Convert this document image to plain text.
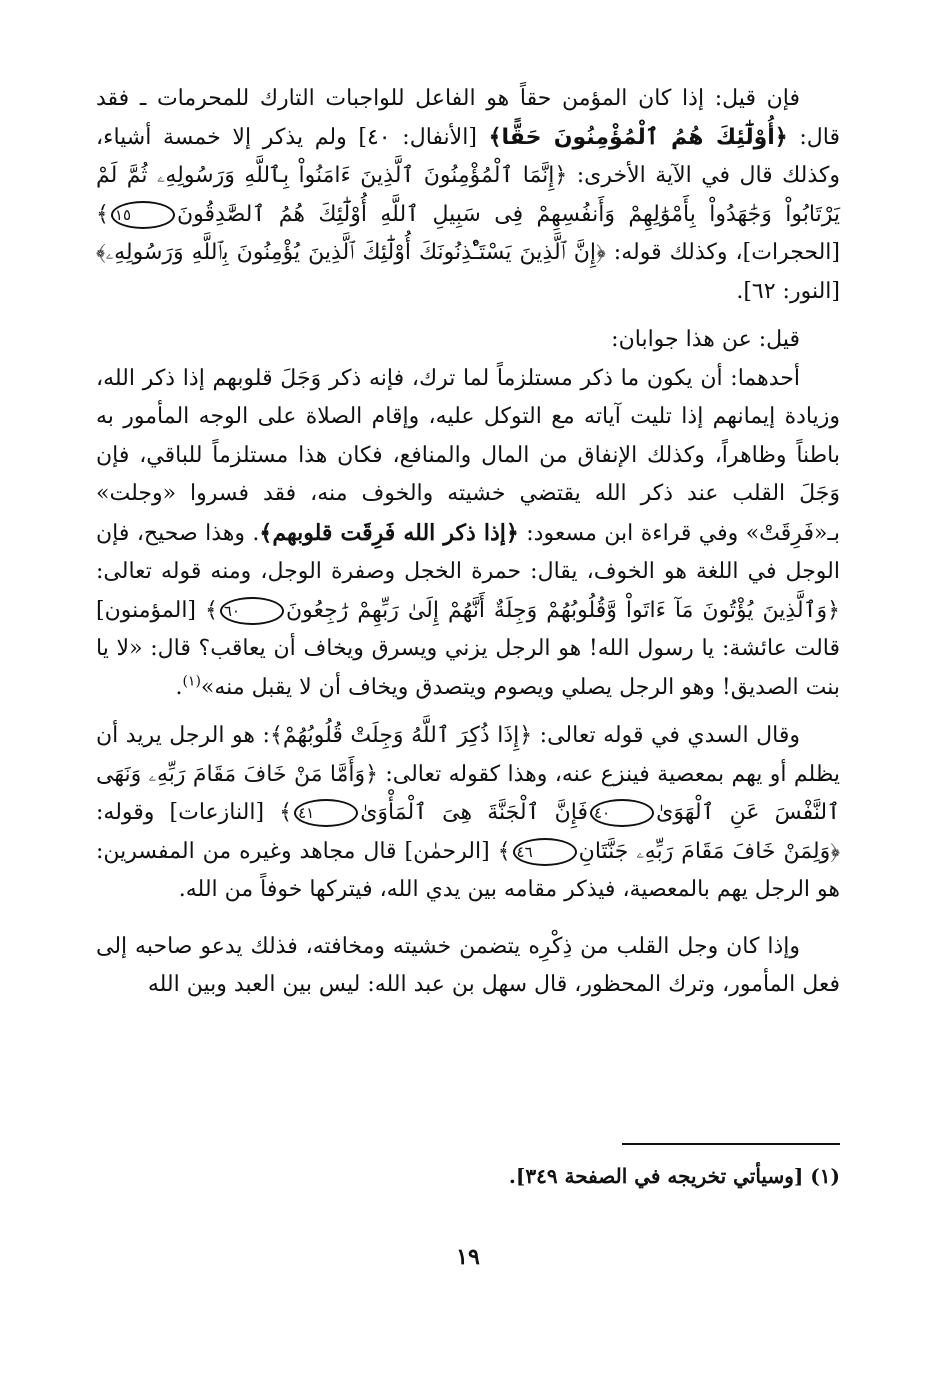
فإن قيل: إذا كان المؤمن حقاً هو الفاعل للواجبات التارك للمحرمات ـ فقد قال: ﴿أُوْلَٰٓئِكَ هُمُ ٱلْمُؤْمِنُونَ حَقًّا﴾ [الأنفال: ٤٠] ولم يذكر إلا خمسة أشياء، وكذلك قال في الآية الأخرى: ﴿إِنَّمَا ٱلْمُؤْمِنُونَ ٱلَّذِينَ ءَامَنُواْ بِٱللَّهِ وَرَسُولِهِۦ ثُمَّ لَمْ يَرْتَابُواْ وَجَٰهَدُواْ بِأَمْوَٰلِهِمْ وَأَنفُسِهِمْ فِى سَبِيلِ ٱللَّهِ أُوْلَٰٓئِكَ هُمُ ٱلصَّٰدِقُونَ١٥﴾ [الحجرات]، وكذلك قوله: ﴿إِنَّ ٱلَّذِينَ يَسْتَـْٔذِنُونَكَ أُوْلَٰٓئِكَ ٱلَّذِينَ يُؤْمِنُونَ بِٱللَّهِ وَرَسُولِهِۦ﴾ [النور: ٦٢].

قيل: عن هذا جوابان:

أحدهما: أن يكون ما ذكر مستلزماً لما ترك، فإنه ذكر وَجَلَ قلوبهم إذا ذكر الله، وزيادة إيمانهم إذا تليت آياته مع التوكل عليه، وإقام الصلاة على الوجه المأمور به باطناً وظاهراً، وكذلك الإنفاق من المال والمنافع، فكان هذا مستلزماً للباقي، فإن وَجَلَ القلب عند ذكر الله يقتضي خشيته والخوف منه، فقد فسروا «وجلت» بـ«فَرِقَتْ» وفي قراءة ابن مسعود: ﴿إذا ذكر الله فَرِقَت قلوبهم﴾. وهذا صحيح، فإن الوجل في اللغة هو الخوف، يقال: حمرة الخجل وصفرة الوجل، ومنه قوله تعالى: ﴿وَٱلَّذِينَ يُؤْتُونَ مَآ ءَاتَواْ وَّقُلُوبُهُمْ وَجِلَةٌ أَنَّهُمْ إِلَىٰ رَبِّهِمْ رَٰجِعُونَ٦٠﴾ [المؤمنون] قالت عائشة: يا رسول الله! هو الرجل يزني ويسرق ويخاف أن يعاقب؟ قال: «لا يا بنت الصديق! وهو الرجل يصلي ويصوم ويتصدق ويخاف أن لا يقبل منه»$^{(١)}$.

وقال السدي في قوله تعالى: ﴿إِذَا ذُكِرَ ٱللَّهُ وَجِلَتْ قُلُوبُهُمْ﴾: هو الرجل يريد أن يظلم أو يهم بمعصية فينزع عنه، وهذا كقوله تعالى: ﴿وَأَمَّا مَنْ خَافَ مَقَامَ رَبِّهِۦ وَنَهَى ٱلنَّفْسَ عَنِ ٱلْهَوَىٰ٤٠فَإِنَّ ٱلْجَنَّةَ هِىَ ٱلْمَأْوَىٰ٤١﴾ [النازعات] وقوله: ﴿وَلِمَنْ خَافَ مَقَامَ رَبِّهِۦ جَنَّتَانِ٤٦﴾ [الرحمٰن] قال مجاهد وغيره من المفسرين: هو الرجل يهم بالمعصية، فيذكر مقامه بين يدي الله، فيتركها خوفاً من الله.

وإذا كان وجل القلب من ذِكْرِه يتضمن خشيته ومخافته، فذلك يدعو صاحبه إلى فعل المأمور، وترك المحظور، قال سهل بن عبد الله: ليس بين العبد وبين الله

(١) [وسيأتي تخريجه في الصفحة ٣٤٩].
١٩
